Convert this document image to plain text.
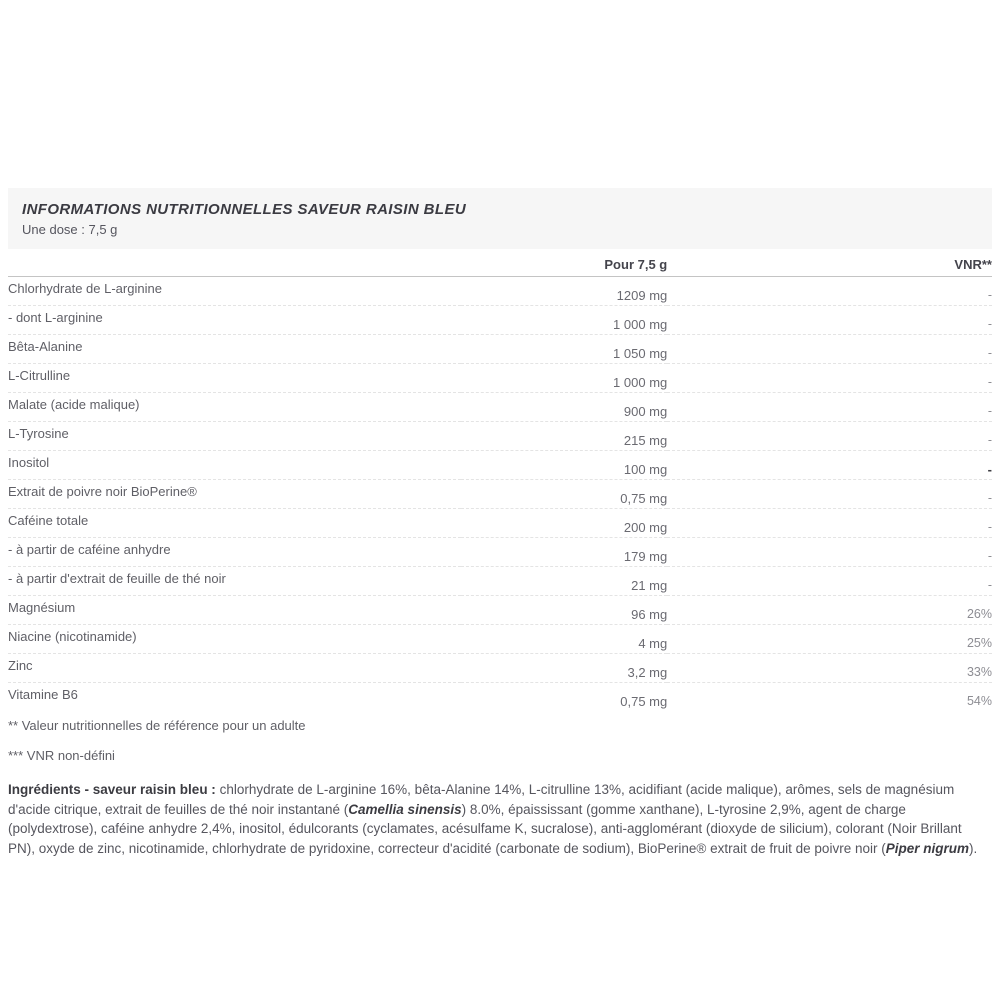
INFORMATIONS NUTRITIONNELLES SAVEUR RAISIN BLEU
Une dose : 7,5 g
	Pour 7,5 g	VNR**
Chlorhydrate de L-arginine	1209 mg	-
- dont L-arginine	1 000 mg	-
Bêta-Alanine	1 050 mg	-
L-Citrulline	1 000 mg	-
Malate (acide malique)	900 mg	-
L-Tyrosine	215 mg	-
Inositol	100 mg	-
Extrait de poivre noir BioPerine®	0,75 mg	-
Caféine totale	200 mg	-
- à partir de caféine anhydre	179 mg	-
- à partir d'extrait de feuille de thé noir	21 mg	-
Magnésium	96 mg	26%
Niacine (nicotinamide)	4 mg	25%
Zinc	3,2 mg	33%
Vitamine B6	0,75 mg	54%
** Valeur nutritionnelles de référence pour un adulte
*** VNR non-défini

Ingrédients - saveur raisin bleu : chlorhydrate de L-arginine 16%, bêta-Alanine 14%, L-citrulline 13%, acidifiant (acide malique), arômes, sels de magnésium d'acide citrique, extrait de feuilles de thé noir instantané (Camellia sinensis) 8.0%, épaississant (gomme xanthane), L-tyrosine 2,9%, agent de charge (polydextrose), caféine anhydre 2,4%, inositol, édulcorants (cyclamates, acésulfame K, sucralose), anti-agglomérant (dioxyde de silicium), colorant (Noir Brillant PN), oxyde de zinc, nicotinamide, chlorhydrate de pyridoxine, correcteur d'acidité (carbonate de sodium), BioPerine® extrait de fruit de poivre noir (Piper nigrum).
